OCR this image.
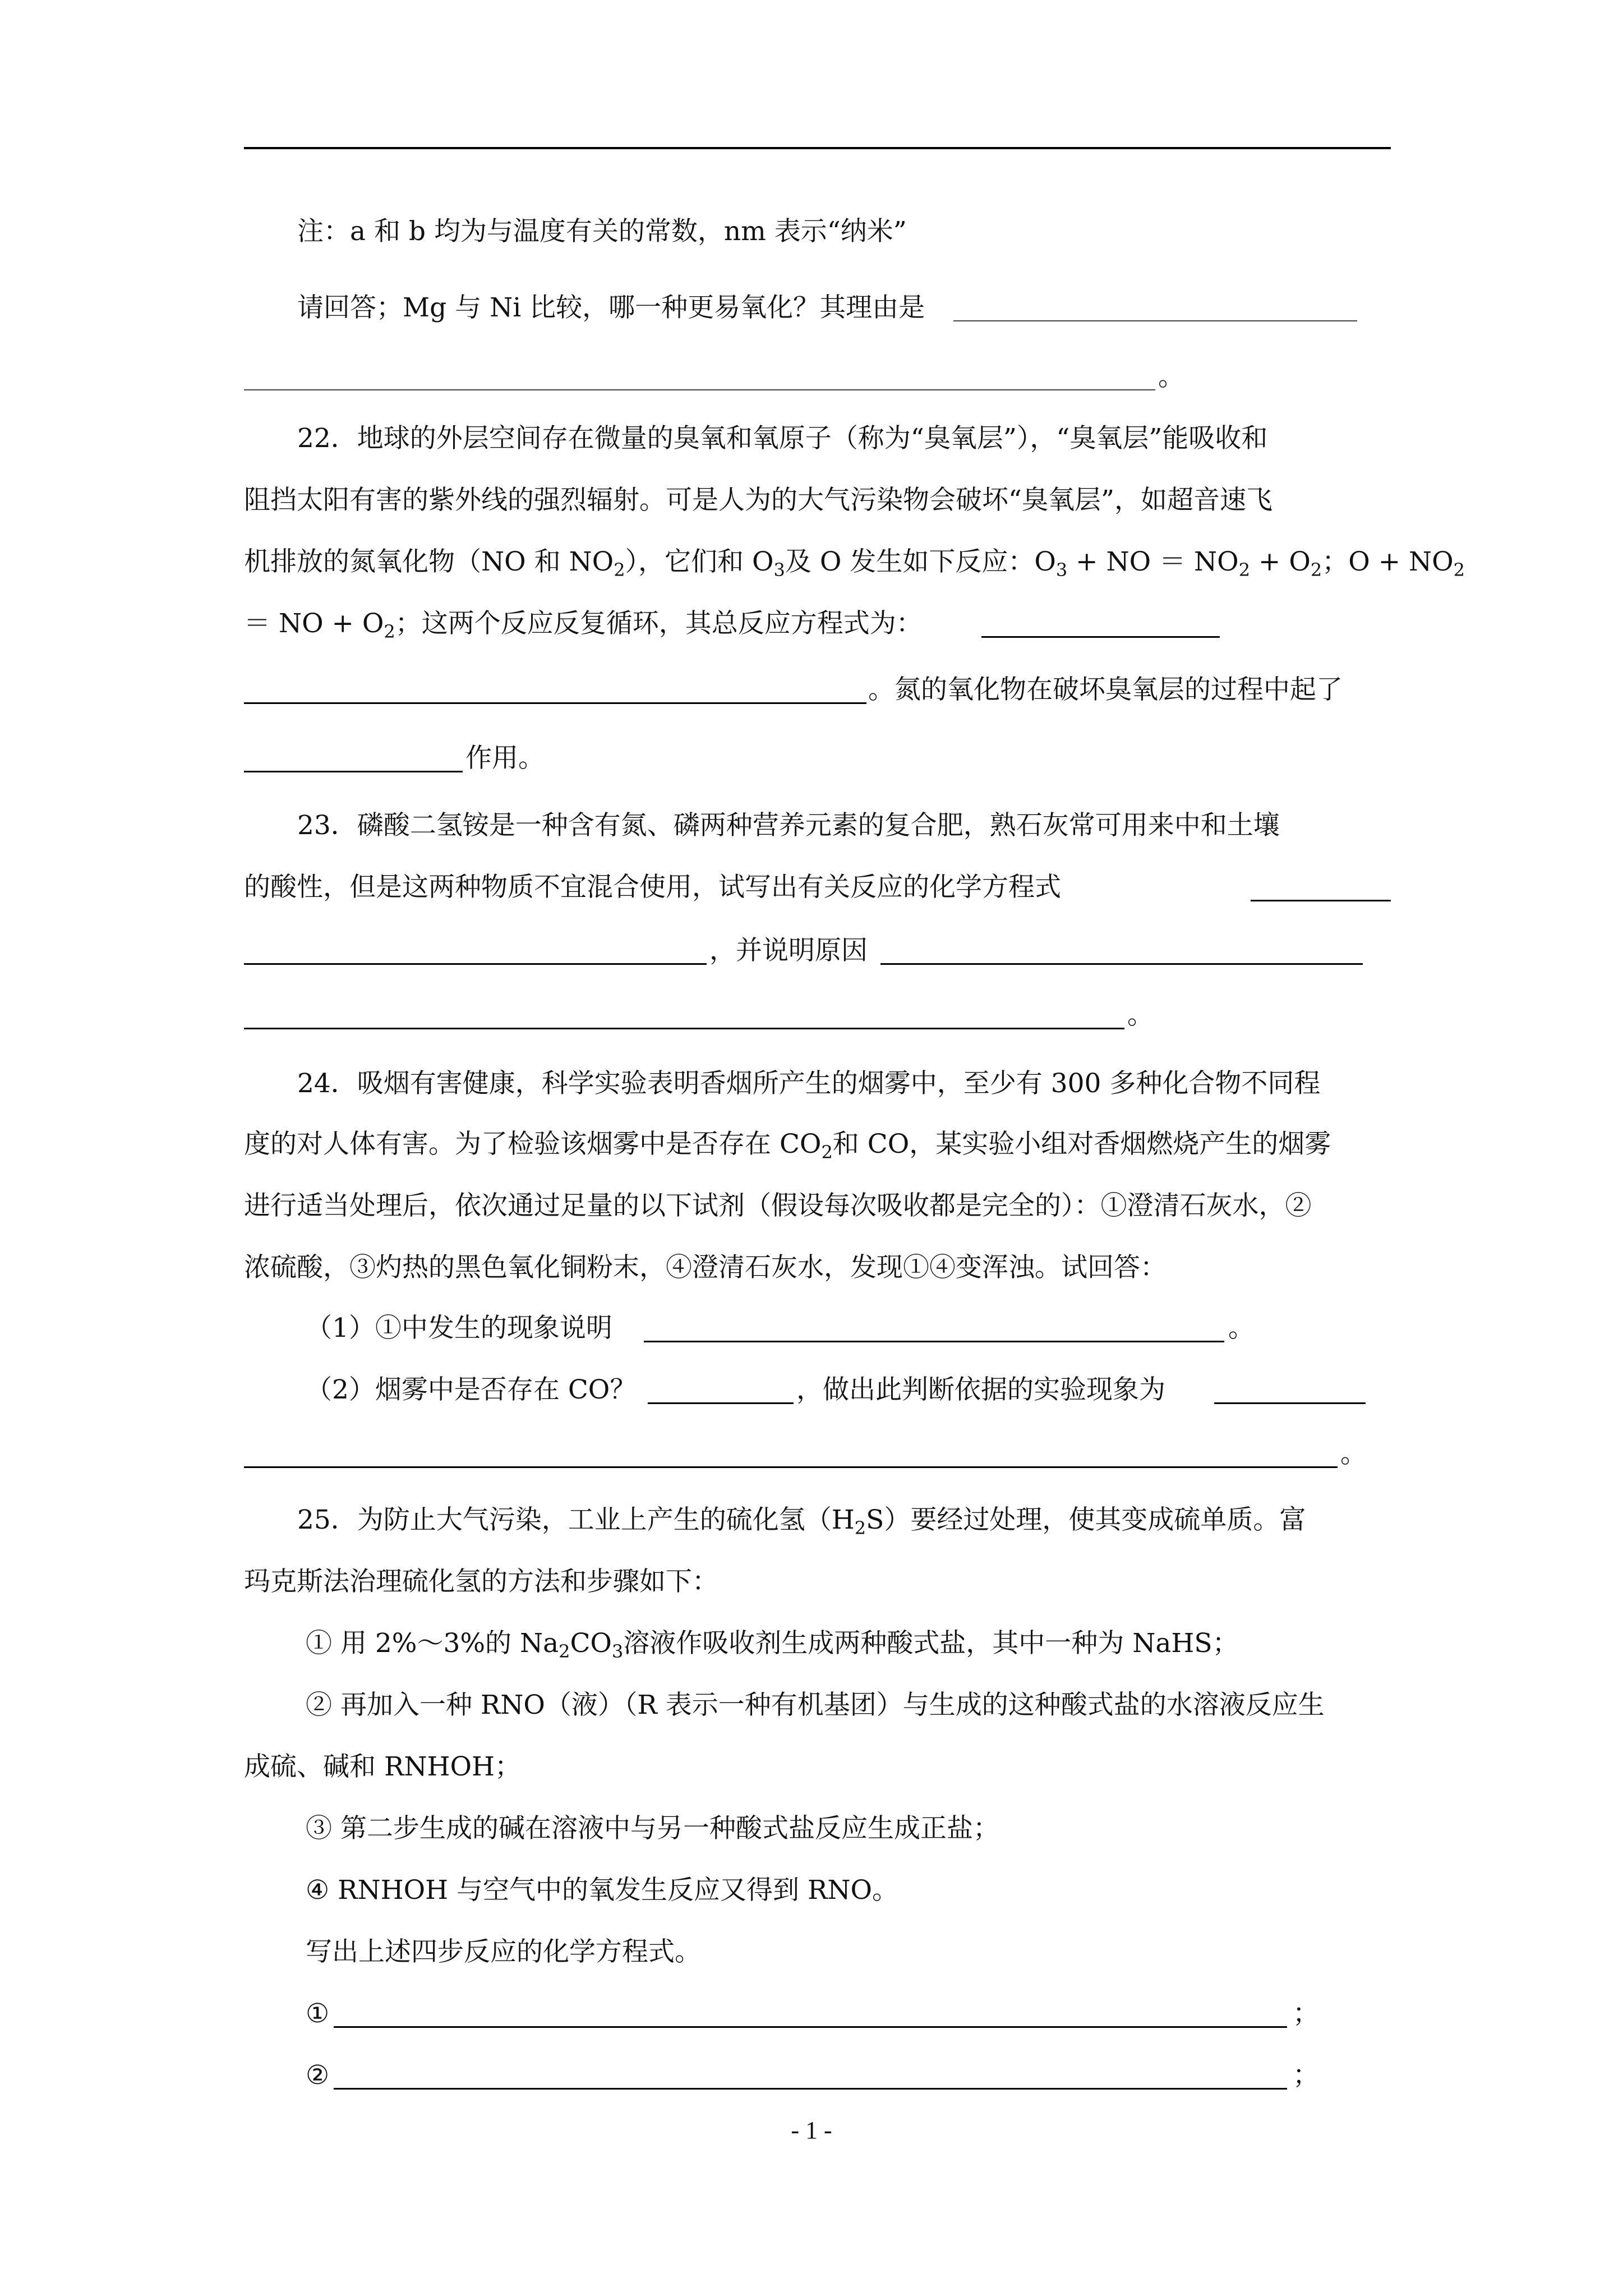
注：a 和 b 均为与温度有关的常数，nm 表示“纳米”
请回答；Mg 与 Ni 比较，哪一种更易氧化？其理由是
。
22．地球的外层空间存在微量的臭氧和氧原子（称为“臭氧层”），“臭氧层”能吸收和
阻挡太阳有害的紫外线的强烈辐射。可是人为的大气污染物会破坏“臭氧层”，如超音速飞
机排放的氮氧化物（NO 和 $NO_2$），它们和 $O_3$及 O 发生如下反应：$O_3$ + NO ＝ $NO_2 + O_2$；$O + NO_2$
＝ NO + $O_2$；这两个反应反复循环，其总反应方程式为：
。氮的氧化物在破坏臭氧层的过程中起了
作用。
23．磷酸二氢铵是一种含有氮、磷两种营养元素的复合肥，熟石灰常可用来中和土壤
的酸性，但是这两种物质不宜混合使用，试写出有关反应的化学方程式
，并说明原因
。
24．吸烟有害健康，科学实验表明香烟所产生的烟雾中，至少有 300 多种化合物不同程
度的对人体有害。为了检验该烟雾中是否存在 $CO_2$和 CO，某实验小组对香烟燃烧产生的烟雾
进行适当处理后，依次通过足量的以下试剂（假设每次吸收都是完全的）：①澄清石灰水，②
浓硫酸，③灼热的黑色氧化铜粉末，④澄清石灰水，发现①④变浑浊。试回答：
（1）①中发生的现象说明	。
（2）烟雾中是否存在 CO？	，做出此判断依据的实验现象为
。
25．为防止大气污染，工业上产生的硫化氢$(H_2S)$要经过处理，使其变成硫单质。富
玛克斯法治理硫化氢的方法和步骤如下：
① 用 2%～3%的 $Na_2CO_3$溶液作吸收剂生成两种酸式盐，其中一种为 NaHS；
② 再加入一种 RNO（液）（R 表示一种有机基团）与生成的这种酸式盐的水溶液反应生
成硫、碱和 RNHOH；
③ 第二步生成的碱在溶液中与另一种酸式盐反应生成正盐；
④ RNHOH 与空气中的氧发生反应又得到 RNO。
写出上述四步反应的化学方程式。
①	；
②	；
- 1 -
